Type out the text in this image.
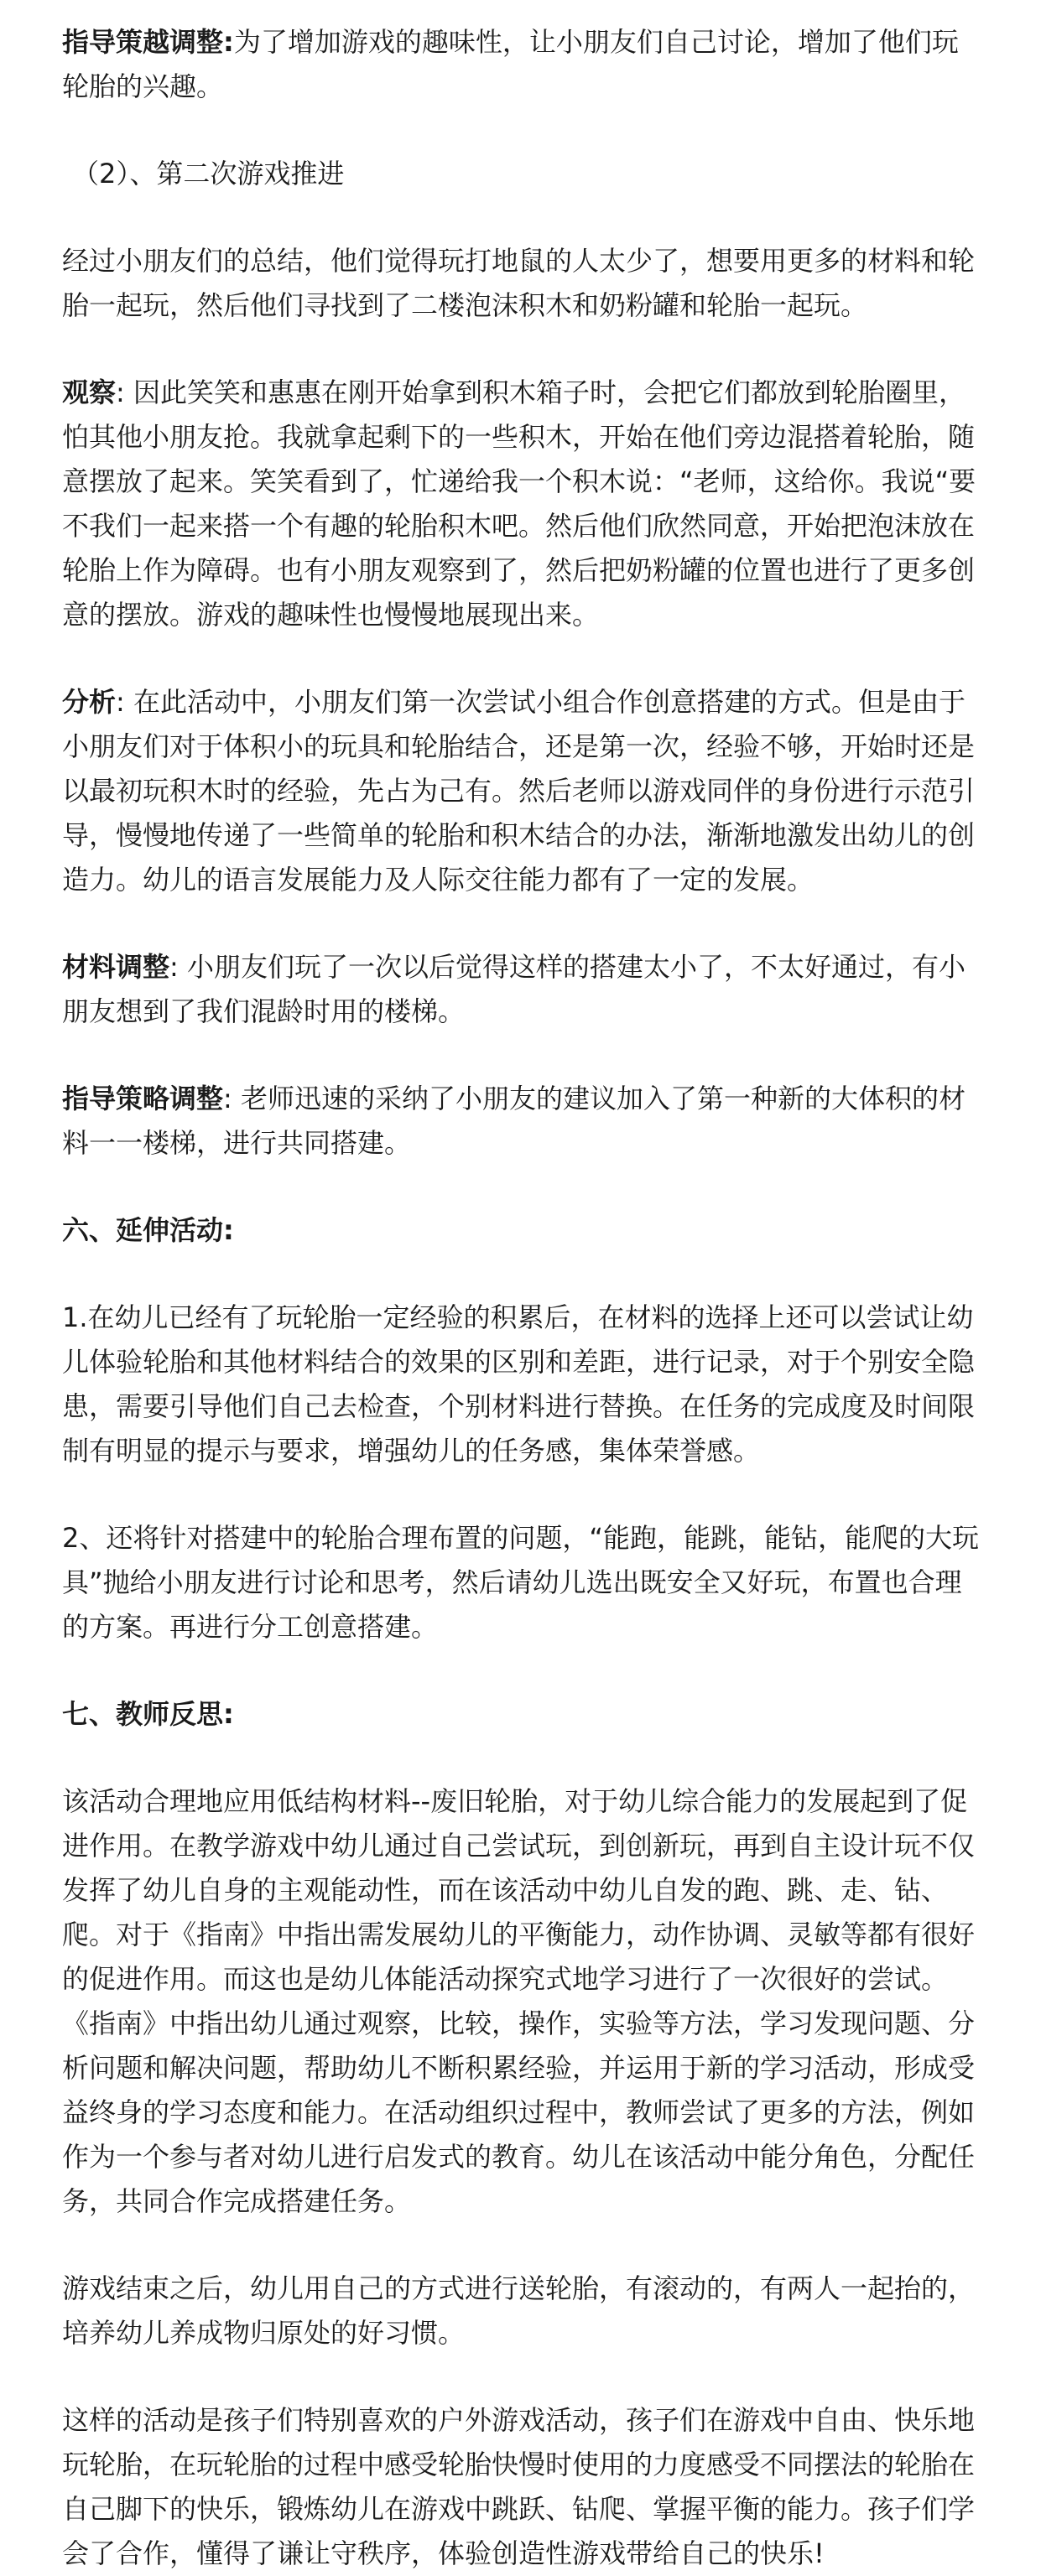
指导策越调整:为了增加游戏的趣味性，让小朋友们自己讨论，增加了他们玩轮胎的兴趣。

（2）、第二次游戏推进

经过小朋友们的总结，他们觉得玩打地鼠的人太少了，想要用更多的材料和轮胎一起玩，然后他们寻找到了二楼泡沫积木和奶粉罐和轮胎一起玩。

观察: 因此笑笑和惠惠在刚开始拿到积木箱子时，会把它们都放到轮胎圈里，怕其他小朋友抢。我就拿起剩下的一些积木，开始在他们旁边混搭着轮胎，随意摆放了起来。笑笑看到了，忙递给我一个积木说：“老师，这给你。我说“要不我们一起来搭一个有趣的轮胎积木吧。然后他们欣然同意，开始把泡沫放在轮胎上作为障碍。也有小朋友观察到了，然后把奶粉罐的位置也进行了更多创意的摆放。游戏的趣味性也慢慢地展现出来。

分析: 在此活动中，小朋友们第一次尝试小组合作创意搭建的方式。但是由于小朋友们对于体积小的玩具和轮胎结合，还是第一次，经验不够，开始时还是以最初玩积木时的经验，先占为己有。然后老师以游戏同伴的身份进行示范引导，慢慢地传递了一些简单的轮胎和积木结合的办法，渐渐地激发出幼儿的创造力。幼儿的语言发展能力及人际交往能力都有了一定的发展。

材料调整: 小朋友们玩了一次以后觉得这样的搭建太小了，不太好通过，有小朋友想到了我们混龄时用的楼梯。

指导策略调整: 老师迅速的采纳了小朋友的建议加入了第一种新的大体积的材料一一楼梯，进行共同搭建。

六、延伸活动:

1.在幼儿已经有了玩轮胎一定经验的积累后，在材料的选择上还可以尝试让幼儿体验轮胎和其他材料结合的效果的区别和差距，进行记录，对于个别安全隐患，需要引导他们自己去检查，个别材料进行替换。在任务的完成度及时间限制有明显的提示与要求，增强幼儿的任务感，集体荣誉感。

2、还将针对搭建中的轮胎合理布置的问题，“能跑，能跳，能钻，能爬的大玩具”抛给小朋友进行讨论和思考，然后请幼儿选出既安全又好玩，布置也合理的方案。再进行分工创意搭建。

七、教师反思:

该活动合理地应用低结构材料--废旧轮胎，对于幼儿综合能力的发展起到了促进作用。在教学游戏中幼儿通过自己尝试玩，到创新玩，再到自主设计玩不仅发挥了幼儿自身的主观能动性，而在该活动中幼儿自发的跑、跳、走、钻、爬。对于《指南》中指出需发展幼儿的平衡能力，动作协调、灵敏等都有很好的促进作用。而这也是幼儿体能活动探究式地学习进行了一次很好的尝试。《指南》中指出幼儿通过观察，比较，操作，实验等方法，学习发现问题、分析问题和解决问题，帮助幼儿不断积累经验，并运用于新的学习活动，形成受益终身的学习态度和能力。在活动组织过程中，教师尝试了更多的方法，例如作为一个参与者对幼儿进行启发式的教育。幼儿在该活动中能分角色，分配任务，共同合作完成搭建任务。

游戏结束之后，幼儿用自己的方式进行送轮胎，有滚动的，有两人一起抬的，培养幼儿养成物归原处的好习惯。

这样的活动是孩子们特别喜欢的户外游戏活动，孩子们在游戏中自由、快乐地玩轮胎，在玩轮胎的过程中感受轮胎快慢时使用的力度感受不同摆法的轮胎在自己脚下的快乐，锻炼幼儿在游戏中跳跃、钻爬、掌握平衡的能力。孩子们学会了合作，懂得了谦让守秩序，体验创造性游戏带给自己的快乐!
